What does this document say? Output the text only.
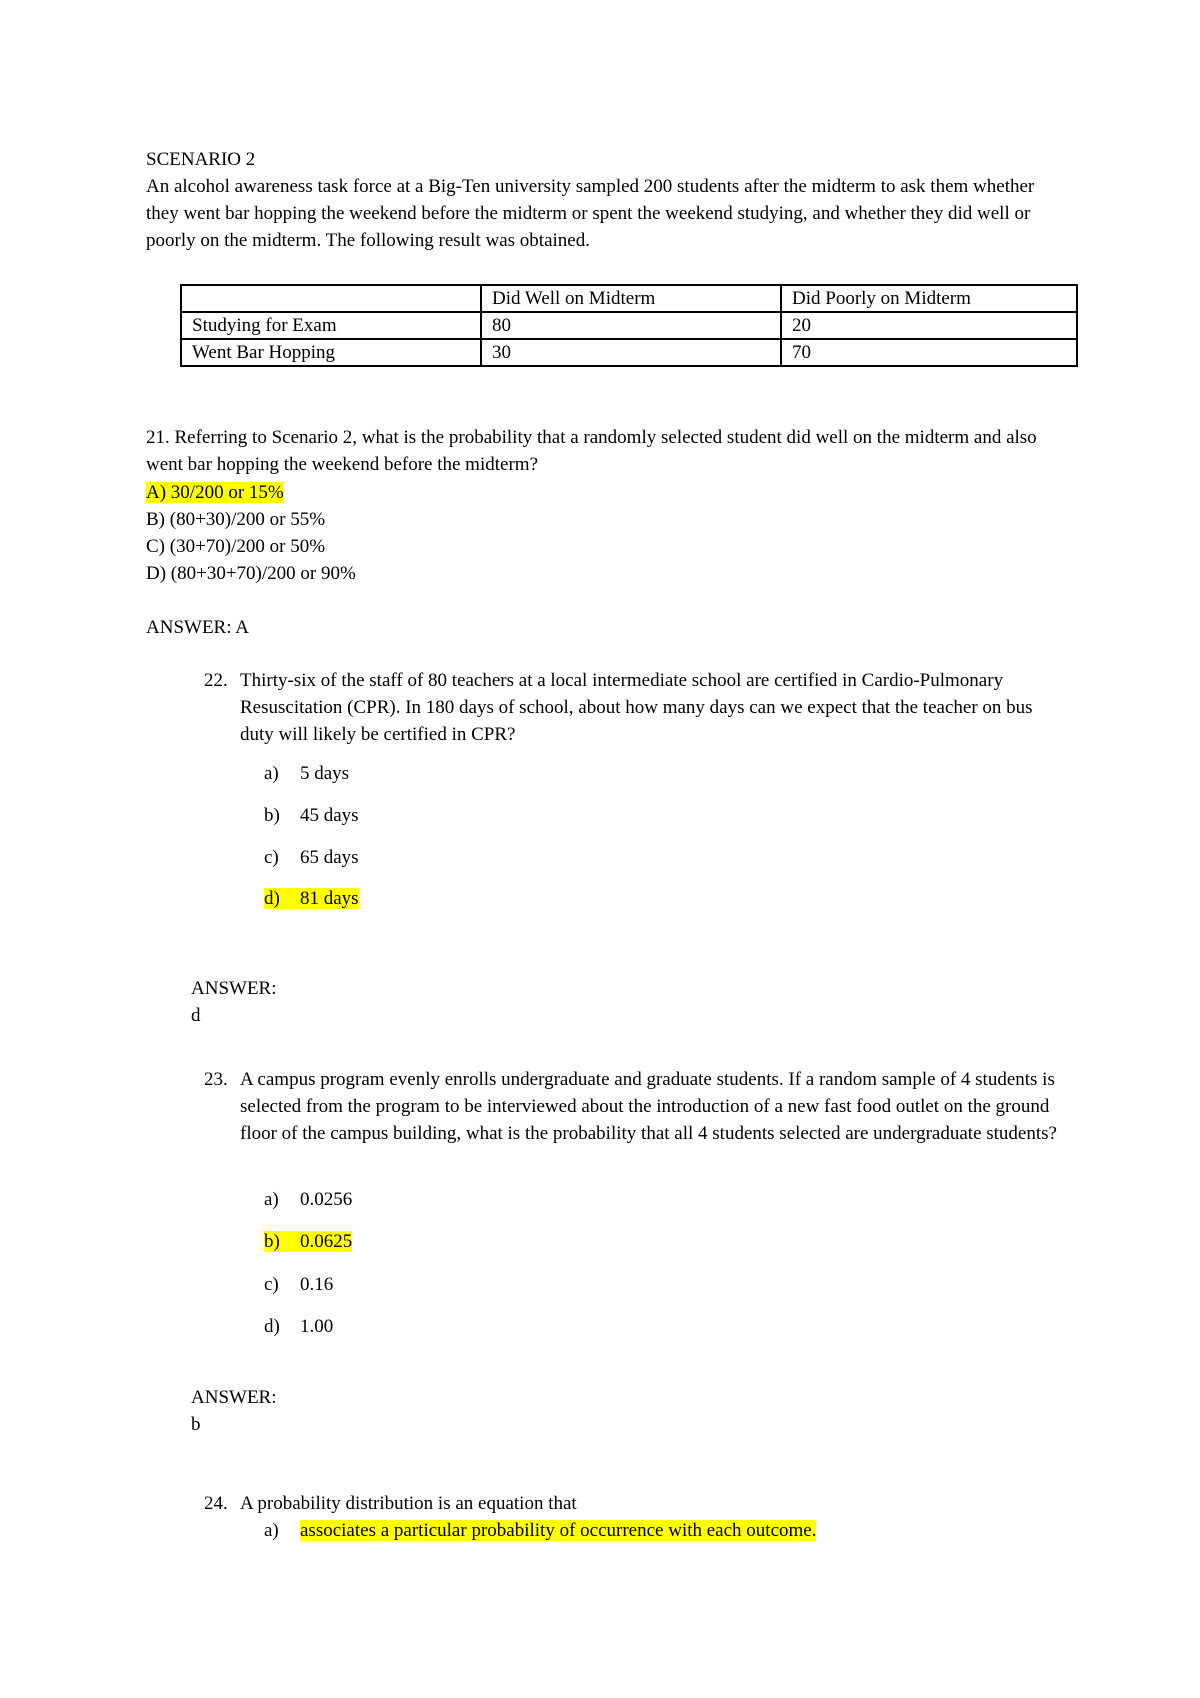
SCENARIO 2
An alcohol awareness task force at a Big-Ten university sampled 200 students after the midterm to ask them whether they went bar hopping the weekend before the midterm or spent the weekend studying, and whether they did well or poorly on the midterm. The following result was obtained.
	Did Well on Midterm	Did Poorly on Midterm
Studying for Exam	80	20
Went Bar Hopping	30	70
21. Referring to Scenario 2, what is the probability that a randomly selected student did well on the midterm and also went bar hopping the weekend before the midterm?
A) 30/200 or 15%
B) (80+30)/200 or 55%
C) (30+70)/200 or 50%
D) (80+30+70)/200 or 90%
ANSWER: A
22. Thirty-six of the staff of 80 teachers at a local intermediate school are certified in Cardio-Pulmonary Resuscitation (CPR). In 180 days of school, about how many days can we expect that the teacher on bus duty will likely be certified in CPR?
a) 5 days
b) 45 days
c) 65 days
d) 81 days
ANSWER:
d
23. A campus program evenly enrolls undergraduate and graduate students. If a random sample of 4 students is selected from the program to be interviewed about the introduction of a new fast food outlet on the ground floor of the campus building, what is the probability that all 4 students selected are undergraduate students?
a) 0.0256
b) 0.0625
c) 0.16
d) 1.00
ANSWER:
b
24. A probability distribution is an equation that
a) associates a particular probability of occurrence with each outcome.
